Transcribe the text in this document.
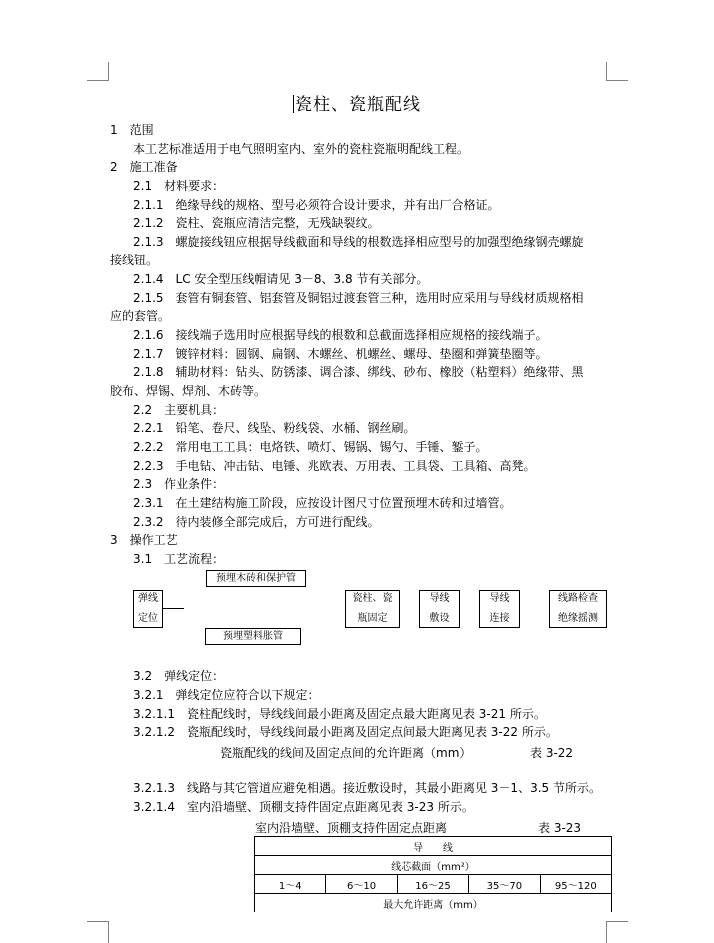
瓷柱、瓷瓶配线
1　范围
本工艺标准适用于电气照明室内、室外的瓷柱瓷瓶明配线工程。
2　施工准备
2.1　材料要求：
2.1.1　绝缘导线的规格、型号必须符合设计要求，并有出厂合格证。
2.1.2　瓷柱、瓷瓶应清洁完整，无残缺裂纹。
2.1.3　螺旋接线钮应根据导线截面和导线的根数选择相应型号的加强型绝缘钢壳螺旋
接线钮。
2.1.4　LC 安全型压线帽请见 3－8、3.8 节有关部分。
2.1.5　套管有铜套管、铝套管及铜铝过渡套管三种，选用时应采用与导线材质规格相
应的套管。
2.1.6　接线端子选用时应根据导线的根数和总截面选择相应规格的接线端子。
2.1.7　镀锌材料：圆钢、扁钢、木螺丝、机螺丝、螺母、垫圈和弹簧垫圈等。
2.1.8　辅助材料：钻头、防锈漆、调合漆、绑线、砂布、橡胶（粘塑料）绝缘带、黑
胶布、焊锡、焊剂、木砖等。
2.2　主要机具：
2.2.1　铅笔、卷尺、线坠、粉线袋、水桶、钢丝刷。
2.2.2　常用电工工具：电烙铁、喷灯、锡锅、锡勺、手锤、錾子。
2.2.3　手电钻、冲击钻、电锤、兆欧表、万用表、工具袋、工具箱、高凳。
2.3　作业条件：
2.3.1　在土建结构施工阶段，应按设计图尺寸位置预埋木砖和过墙管。
2.3.2　待内装修全部完成后，方可进行配线。
3　操作工艺
3.1　工艺流程：
预埋木砖和保护管
弹线
定位
预埋塑料胀管
瓷柱、瓷
瓶固定
导线
敷设
导线
连接
线路检查
绝缘摇测
3.2　弹线定位：
3.2.1　弹线定位应符合以下规定：
3.2.1.1　瓷柱配线时，导线线间最小距离及固定点最大距离见表 3-21 所示。
3.2.1.2　瓷瓶配线时，导线线间最小距离及固定点间最大距离见表 3-22 所示。
瓷瓶配线的线间及固定点间的允许距离（mm）	表 3-22
3.2.1.3　线路与其它管道应避免相遇。接近敷设时，其最小距离见 3－1、3.5 节所示。
3.2.1.4　室内沿墙壁、顶棚支持件固定点距离见表 3-23 所示。
室内沿墙壁、顶棚支持件固定点距离	表 3-23
导　　线
线芯截面（mm²）
1～4	6～10	16～25	35～70	95～120
最大允许距离（mm）
